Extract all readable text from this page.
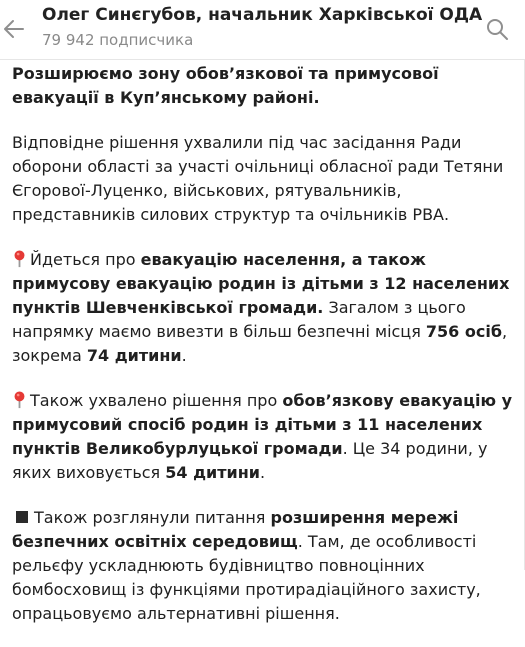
Олег Синєгубов, начальник Харківської ОДА
79 942 подписчика

Розширюємо зону обов’язкової та примусової евакуації в Куп’янському районі.

Відповідне рішення ухвалили під час засідання Ради оборони області за участі очільниці обласної ради Тетяни Єгорової-Луценко, військових, рятувальників, представників силових структур та очільників РВА.

Йдеться про евакуацію населення, а також примусову евакуацію родин із дітьми з 12 населених пунктів Шевченківської громади. Загалом з цього напрямку маємо вивезти в більш безпечні місця 756 осіб, зокрема 74 дитини.

Також ухвалено рішення про обов’язкову евакуацію у примусовий спосіб родин із дітьми з 11 населених пунктів Великобурлуцької громади. Це 34 родини, у яких виховується 54 дитини.

Також розглянули питання розширення мережі безпечних освітніх середовищ. Там, де особливості рельєфу ускладнюють будівництво повноцінних бомбосховищ із функціями протирадіаційного захисту, опрацьовуємо альтернативні рішення.
